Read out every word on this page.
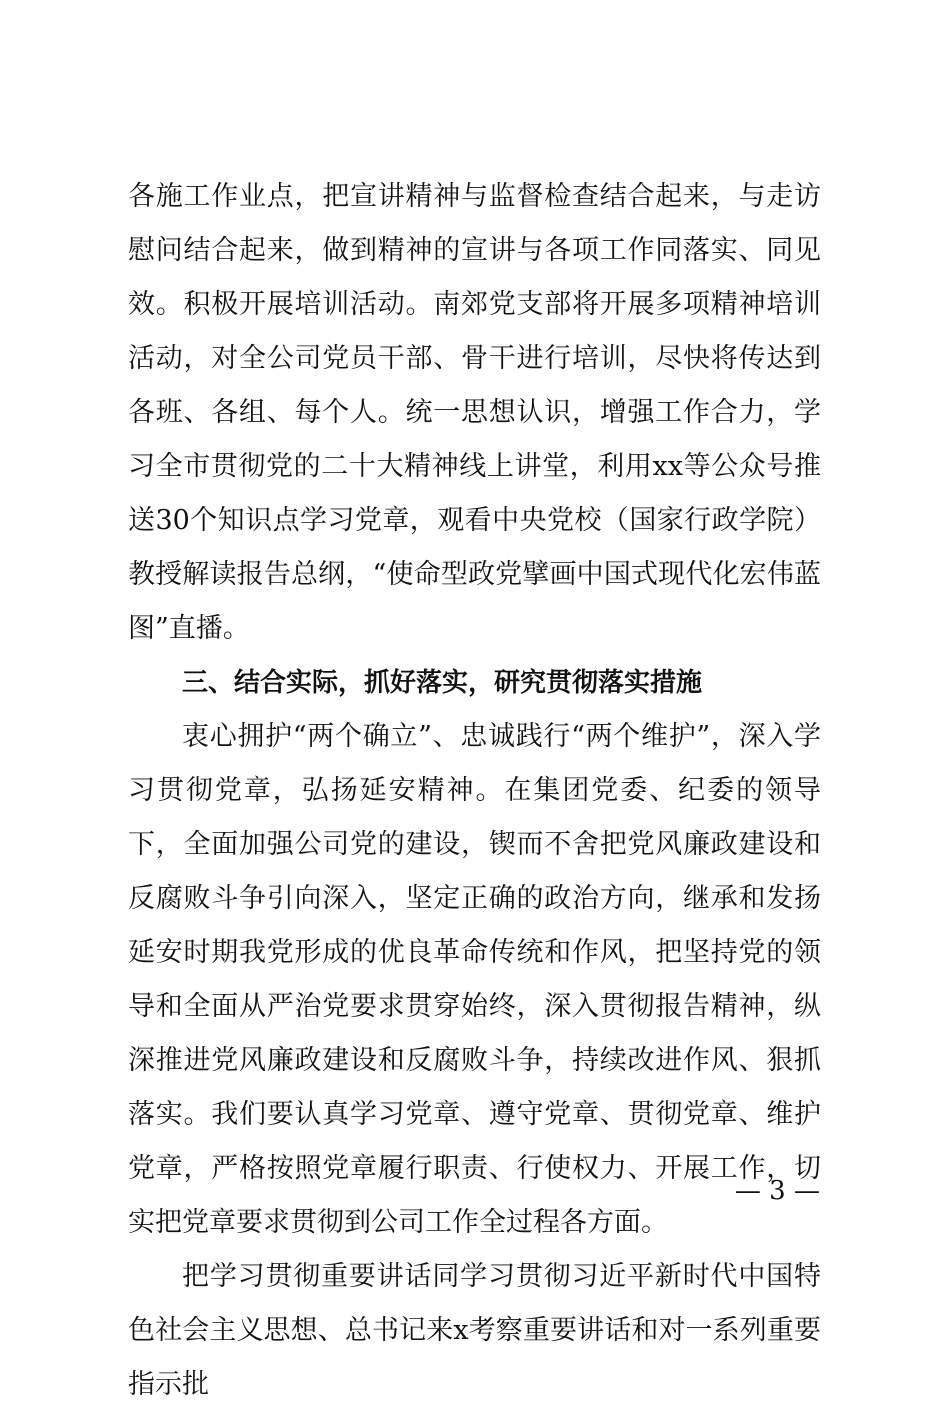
各施工作业点，把宣讲精神与监督检查结合起来，与走访慰问结合起来，做到精神的宣讲与各项工作同落实、同见效。积极开展培训活动。南郊党支部将开展多项精神培训活动，对全公司党员干部、骨干进行培训，尽快将传达到各班、各组、每个人。统一思想认识，增强工作合力，学习全市贯彻党的二十大精神线上讲堂，利用xx等公众号推送30个知识点学习党章，观看中央党校（国家行政学院）教授解读报告总纲，“使命型政党擘画中国式现代化宏伟蓝图”直播。

三、结合实际，抓好落实，研究贯彻落实措施

衷心拥护“两个确立”、忠诚践行“两个维护”，深入学习贯彻党章，弘扬延安精神。在集团党委、纪委的领导下，全面加强公司党的建设，锲而不舍把党风廉政建设和反腐败斗争引向深入，坚定正确的政治方向，继承和发扬延安时期我党形成的优良革命传统和作风，把坚持党的领导和全面从严治党要求贯穿始终，深入贯彻报告精神，纵深推进党风廉政建设和反腐败斗争，持续改进作风、狠抓落实。我们要认真学习党章、遵守党章、贯彻党章、维护党章，严格按照党章履行职责、行使权力、开展工作，切实把党章要求贯彻到公司工作全过程各方面。

把学习贯彻重要讲话同学习贯彻习近平新时代中国特色社会主义思想、总书记来x考察重要讲话和对一系列重要指示批

— 3 —
